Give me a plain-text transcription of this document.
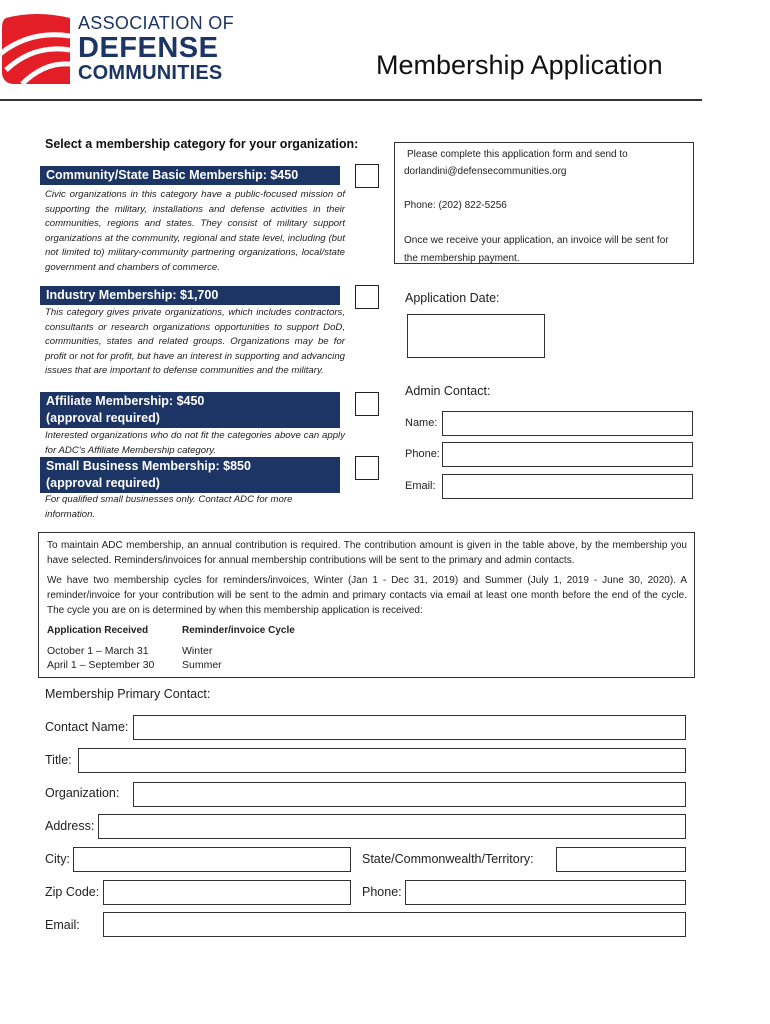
ASSOCIATION OF
DEFENSE
COMMUNITIES	Membership Application
Select a membership category for your organization:
Community/State Basic Membership: $450
Civic organizations in this category have a public-focused mission of supporting the military, installations and defense activities in their communities, regions and states. They consist of military support organizations at the community, regional and state level, including (but not limited to) military-community partnering organizations, local/state government and chambers of commerce.
Industry Membership: $1,700
This category gives private organizations, which includes contractors, consultants or research organizations opportunities to support DoD, communities, states and related groups. Organizations may be for profit or not for profit, but have an interest in supporting and advancing issues that are important to defense communities and the military.
Affiliate Membership: $450
(approval required)
Interested organizations who do not fit the categories above can apply for ADC's Affiliate Membership category.
Small Business Membership: $850
(approval required)
For qualified small businesses only. Contact ADC for more information.

Please complete this application form and send to

dorlandini@defensecommunities.org

Phone: (202) 822-5256

Once we receive your application, an invoice will be sent for

the membership payment.

Application Date:
Admin Contact:
Name:
Phone:
Email:
To maintain ADC membership, an annual contribution is required. The contribution amount is given in the table above, by the membership you have selected. Reminders/invoices for annual membership contributions will be sent to the primary and admin contacts.
We have two membership cycles for reminders/invoices, Winter (Jan 1 - Dec 31, 2019) and Summer (July 1, 2019 - June 30, 2020). A reminder/invoice for your contribution will be sent to the admin and primary contacts via email at least one month before the end of the cycle. The cycle you are on is determined by when this membership application is received:
Application Received	Reminder/invoice Cycle
October 1 – March 31	Winter
April 1 – September 30	Summer
Membership Primary Contact:
Contact Name:
Title:
Organization:
Address:
City:	State/Commonwealth/Territory:
Zip Code:	Phone:
Email:
